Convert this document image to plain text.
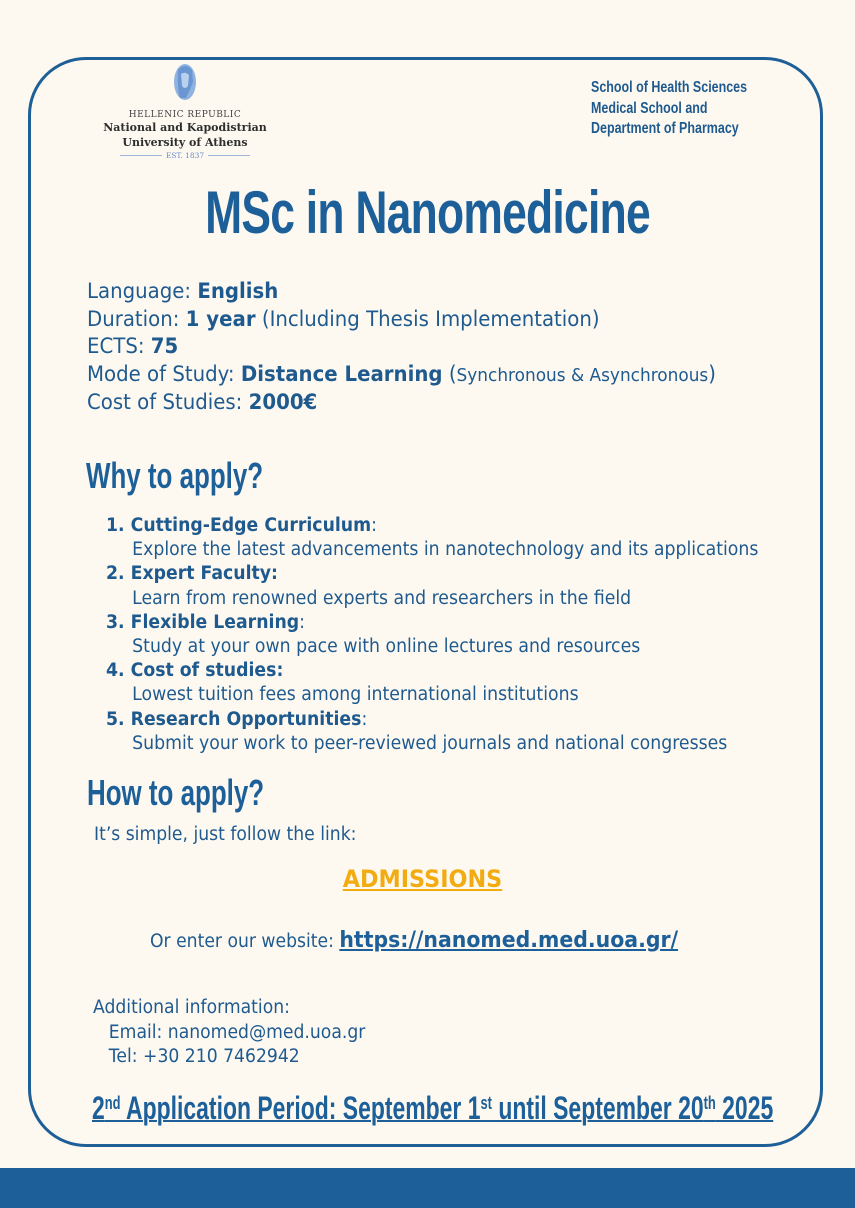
HELLENIC REPUBLIC
National and Kapodistrian
University of Athens
EST. 1837
School of Health Sciences
Medical School and
Department of Pharmacy
MSc in Nanomedicine
Language: English
Duration: 1 year (Including Thesis Implementation)
ECTS: 75
Mode of Study: Distance Learning (Synchronous & Asynchronous)
Cost of Studies: 2000€
Why to apply?
1. Cutting-Edge Curriculum:
Explore the latest advancements in nanotechnology and its applications
2. Expert Faculty:
Learn from renowned experts and researchers in the field
3. Flexible Learning:
Study at your own pace with online lectures and resources
4. Cost of studies:
Lowest tuition fees among international institutions
5. Research Opportunities:
Submit your work to peer-reviewed journals and national congresses
How to apply?
It’s simple, just follow the link:
ADMISSIONS
Or enter our website: https://nanomed.med.uoa.gr/
Additional information:
Email: nanomed@med.uoa.gr
Tel: +30 210 7462942
2nd Application Period: September 1st until September 20th 2025
